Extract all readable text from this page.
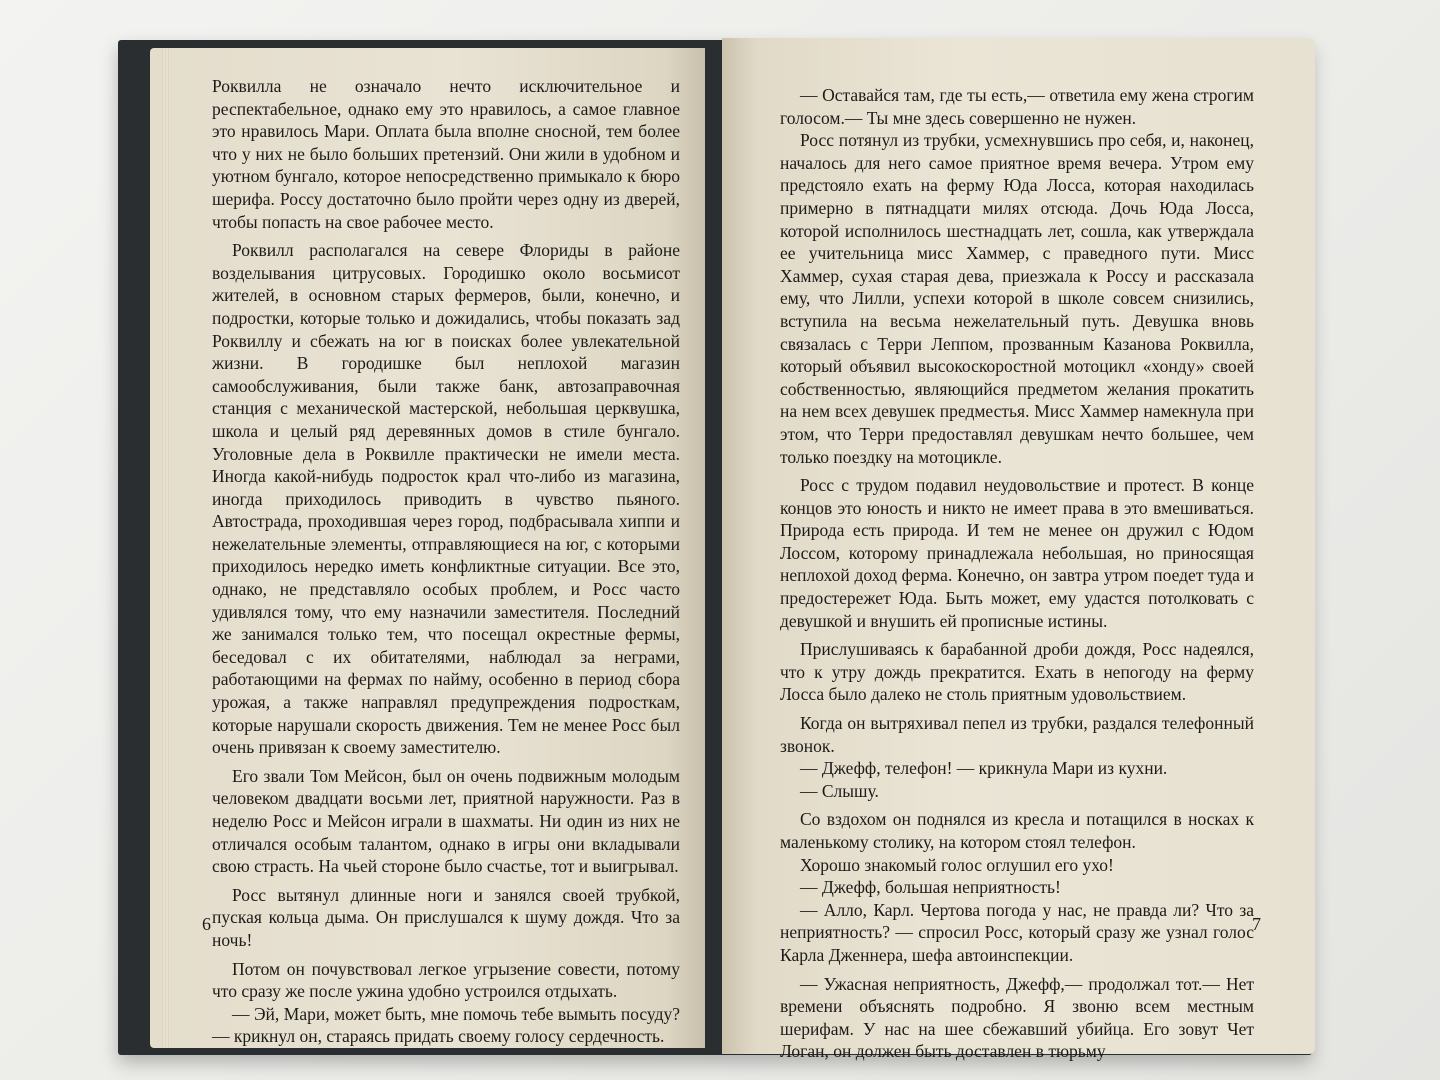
Роквилла не означало нечто исключительное и респектабельное, однако ему это нравилось, а самое главное это нравилось Мари. Оплата была вполне сносной, тем более что у них не было больших претензий. Они жили в удобном и уютном бунгало, которое непосредственно примыкало к бюро шерифа. Россу достаточно было пройти через одну из дверей, чтобы попасть на свое рабочее место.

Роквилл располагался на севере Флориды в районе возделывания цитрусовых. Городишко около восьмисот жителей, в основном старых фермеров, были, конечно, и подростки, которые только и дожидались, чтобы показать зад Роквиллу и сбежать на юг в поисках более увлекательной жизни. В городишке был неплохой магазин самообслуживания, были также банк, автозаправочная станция с механической мастерской, небольшая церквушка, школа и целый ряд деревянных домов в стиле бунгало. Уголовные дела в Роквилле практически не имели места. Иногда какой-нибудь подросток крал что-либо из магазина, иногда приходилось приводить в чувство пьяного. Автострада, проходившая через город, подбрасывала хиппи и нежелательные элементы, отправляющиеся на юг, с которыми приходилось нередко иметь конфликтные ситуации. Все это, однако, не представляло особых проблем, и Росс часто удивлялся тому, что ему назначили заместителя. Последний же занимался только тем, что посещал окрестные фермы, беседовал с их обитателями, наблюдал за неграми, работающими на фермах по найму, особенно в период сбора урожая, а также направлял предупреждения подросткам, которые нарушали скорость движения. Тем не менее Росс был очень привязан к своему заместителю.

Его звали Том Мейсон, был он очень подвижным молодым человеком двадцати восьми лет, приятной наружности. Раз в неделю Росс и Мейсон играли в шахматы. Ни один из них не отличался особым талантом, однако в игры они вкладывали свою страсть. На чьей стороне было счастье, тот и выигрывал.

Росс вытянул длинные ноги и занялся своей трубкой, пуская кольца дыма. Он прислушался к шуму дождя. Что за ночь!

Потом он почувствовал легкое угрызение совести, потому что сразу же после ужина удобно устроился отдыхать.

— Эй, Мари, может быть, мне помочь тебе вымыть посуду? — крикнул он, стараясь придать своему голосу сердечность.

6

— Оставайся там, где ты есть,— ответила ему жена строгим голосом.— Ты мне здесь совершенно не нужен.

Росс потянул из трубки, усмехнувшись про себя, и, наконец, началось для него самое приятное время вечера. Утром ему предстояло ехать на ферму Юда Лосса, которая находилась примерно в пятнадцати милях отсюда. Дочь Юда Лосса, которой исполнилось шестнадцать лет, сошла, как утверждала ее учительница мисс Хаммер, с праведного пути. Мисс Хаммер, сухая старая дева, приезжала к Россу и рассказала ему, что Лилли, успехи которой в школе совсем снизились, вступила на весьма нежелательный путь. Девушка вновь связалась с Терри Леппом, прозванным Казанова Роквилла, который объявил высокоскоростной мотоцикл «хонду» своей собственностью, являющийся предметом желания прокатить на нем всех девушек предместья. Мисс Хаммер намекнула при этом, что Терри предоставлял девушкам нечто большее, чем только поездку на мотоцикле.

Росс с трудом подавил неудовольствие и протест. В конце концов это юность и никто не имеет права в это вмешиваться. Природа есть природа. И тем не менее он дружил с Юдом Лоссом, которому принадлежала небольшая, но приносящая неплохой доход ферма. Конечно, он завтра утром поедет туда и предостережет Юда. Быть может, ему удастся потолковать с девушкой и внушить ей прописные истины.

Прислушиваясь к барабанной дроби дождя, Росс надеялся, что к утру дождь прекратится. Ехать в непогоду на ферму Лосса было далеко не столь приятным удовольствием.

Когда он вытряхивал пепел из трубки, раздался телефонный звонок.

— Джефф, телефон! — крикнула Мари из кухни.

— Слышу.

Со вздохом он поднялся из кресла и потащился в носках к маленькому столику, на котором стоял телефон.

Хорошо знакомый голос оглушил его ухо!

— Джефф, большая неприятность!

— Алло, Карл. Чертова погода у нас, не правда ли? Что за неприятность? — спросил Росс, который сразу же узнал голос Карла Дженнера, шефа автоинспекции.

— Ужасная неприятность, Джефф,— продолжал тот.— Нет времени объяснять подробно. Я звоню всем местным шерифам. У нас на шее сбежавший убийца. Его зовут Чет Логан, он должен быть доставлен в тюрьму

7
